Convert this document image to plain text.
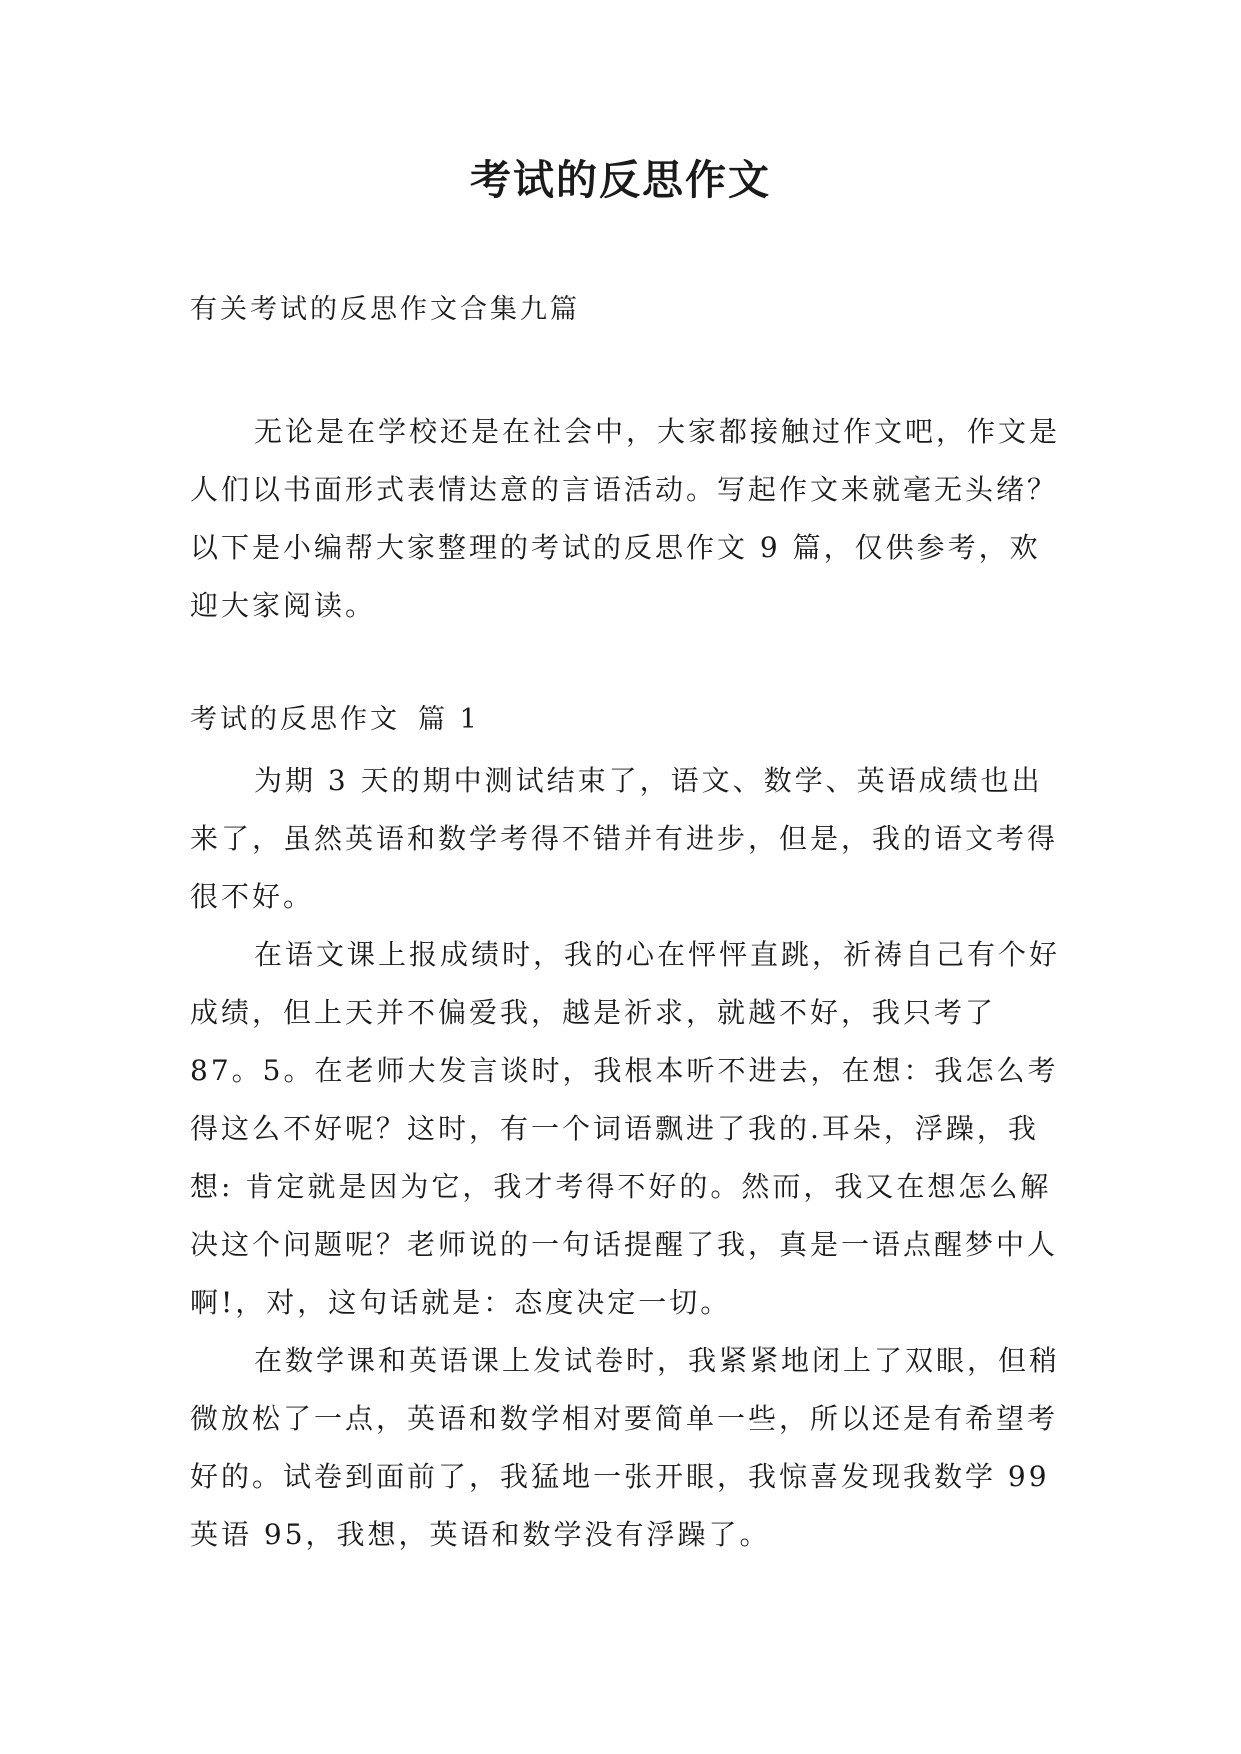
考试的反思作文

有关考试的反思作文合集九篇

无论是在学校还是在社会中，大家都接触过作文吧，作文是人们以书面形式表情达意的言语活动。写起作文来就毫无头绪？以下是小编帮大家整理的考试的反思作文 9 篇，仅供参考，欢迎大家阅读。

考试的反思作文 篇 1

为期 3 天的期中测试结束了，语文、数学、英语成绩也出来了，虽然英语和数学考得不错并有进步，但是，我的语文考得很不好。

在语文课上报成绩时，我的心在怦怦直跳，祈祷自己有个好成绩，但上天并不偏爱我，越是祈求，就越不好，我只考了 87。5。在老师大发言谈时，我根本听不进去，在想：我怎么考得这么不好呢？这时，有一个词语飘进了我的.耳朵，浮躁，我想: 肯定就是因为它，我才考得不好的。然而，我又在想怎么解决这个问题呢？老师说的一句话提醒了我，真是一语点醒梦中人啊!，对，这句话就是：态度决定一切。

在数学课和英语课上发试卷时，我紧紧地闭上了双眼，但稍微放松了一点，英语和数学相对要简单一些，所以还是有希望考好的。试卷到面前了，我猛地一张开眼，我惊喜发现我数学 99 英语 95，我想，英语和数学没有浮躁了。
